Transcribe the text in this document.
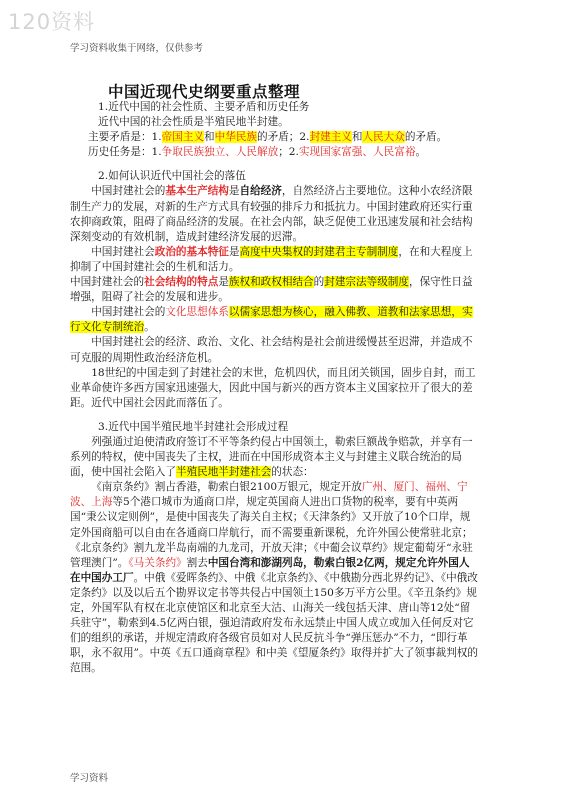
120资料
学习资料收集于网络，仅供参考
中国近现代史纲要重点整理

1.近代中国的社会性质、主要矛盾和历史任务

近代中国的社会性质是半殖民地半封建。

主要矛盾是：1.帝国主义和中华民族的矛盾；2.封建主义和人民大众的矛盾。

历史任务是：1.争取民族独立、人民解放；2.实现国家富强、人民富裕。

2.如何认识近代中国社会的落伍

中国封建社会的基本生产结构是自给经济，自然经济占主要地位。这种小农经济限制生产力的发展，对新的生产方式具有较强的排斥力和抵抗力。中国封建政府还实行重农抑商政策，阻碍了商品经济的发展。在社会内部，缺乏促使工业迅速发展和社会结构深刻变动的有效机制，造成封建经济发展的迟滞。

中国封建社会政治的基本特征是高度中央集权的封建君主专制制度，在和大程度上抑制了中国封建社会的生机和活力。

中国封建社会的社会结构的特点是族权和政权相结合的封建宗法等级制度，保守性日益增强，阻碍了社会的发展和进步。

中国封建社会的文化思想体系以儒家思想为核心，融入佛教、道教和法家思想，实行文化专制统治。

中国封建社会的经济、政治、文化、社会结构是社会前进缓慢甚至迟滞，并造成不可克服的周期性政治经济危机。

18世纪的中国走到了封建社会的末世，危机四伏，而且闭关锁国，固步自封，而工业革命使许多西方国家迅速强大，因此中国与新兴的西方资本主义国家拉开了很大的差距。近代中国社会因此而落伍了。

3.近代中国半殖民地半封建社会形成过程

列强通过迫使清政府签订不平等条约侵占中国领土，勒索巨额战争赔款，并享有一系列的特权，使中国丧失了主权，进而在中国形成资本主义与封建主义联合统治的局面，使中国社会陷入了半殖民地半封建社会的状态：

《南京条约》割占香港，勒索白银2100万银元，规定开放广州、厦门、福州、宁波、上海等5个港口城市为通商口岸，规定英国商人进出口货物的税率，要有中英两国“秉公议定则例”，是使中国丧失了海关自主权；《天津条约》又开放了10个口岸，规定外国商船可以自由在各通商口岸航行，而不需要重新课税，允许外国公使常驻北京；《北京条约》割九龙半岛南端的九龙司，开放天津；《中葡会议草约》规定葡萄牙“永驻管理澳门”。《马关条约》割去中国台湾和澎湖列岛，勒索白银2亿两，规定允许外国人在中国办工厂。中俄《爱晖条约》、中俄《北京条约》、《中俄勘分西北界约记》、《中俄改定条约》以及以后五个勘界议定书等共侵占中国领土150多万平方公里。《辛丑条约》规定，外国军队有权在北京使馆区和北京至大沽、山海关一线包括天津、唐山等12处“留兵驻守”，勒索到4.5亿两白银，强迫清政府发布永远禁止中国人成立或加入任何反对它们的组织的承诺，并规定清政府各级官员如对人民反抗斗争“弹压惩办”不力，“即行革职，永不叙用”。中英《五口通商章程》和中美《望厦条约》取得并扩大了领事裁判权的范围。

学习资料
